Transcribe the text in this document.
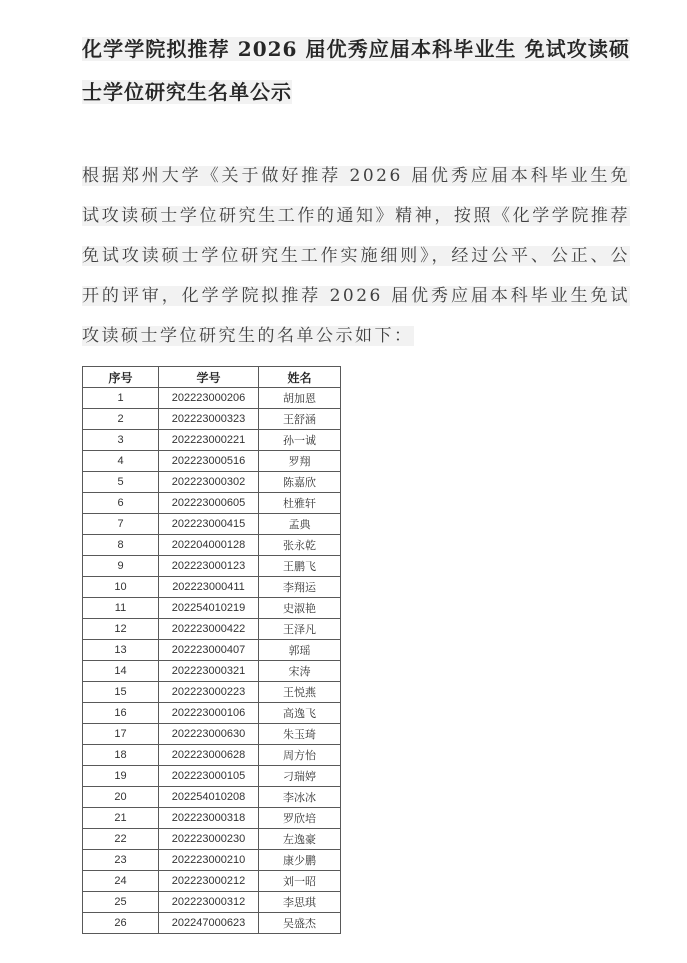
化学学院拟推荐 2026 届优秀应届本科毕业生 免试攻读硕士学位研究生名单公示

根据郑州大学《关于做好推荐 2026 届优秀应届本科毕业生免试攻读硕士学位研究生工作的通知》精神，按照《化学学院推荐免试攻读硕士学位研究生工作实施细则》，经过公平、公正、公开的评审，化学学院拟推荐 2026 届优秀应届本科毕业生免试攻读硕士学位研究生的名单公示如下：

序号	学号	姓名
1	202223000206	胡加恩
2	202223000323	王舒涵
3	202223000221	孙一诚
4	202223000516	罗翔
5	202223000302	陈嘉欣
6	202223000605	杜雅轩
7	202223000415	孟典
8	202204000128	张永乾
9	202223000123	王鹏飞
10	202223000411	李翔运
11	202254010219	史淑艳
12	202223000422	王泽凡
13	202223000407	郭瑶
14	202223000321	宋涛
15	202223000223	王悦燕
16	202223000106	高逸飞
17	202223000630	朱玉琦
18	202223000628	周方怡
19	202223000105	刁瑞婷
20	202254010208	李冰冰
21	202223000318	罗欣培
22	202223000230	左逸豪
23	202223000210	康少鹏
24	202223000212	刘一昭
25	202223000312	李思琪
26	202247000623	吴盛杰
